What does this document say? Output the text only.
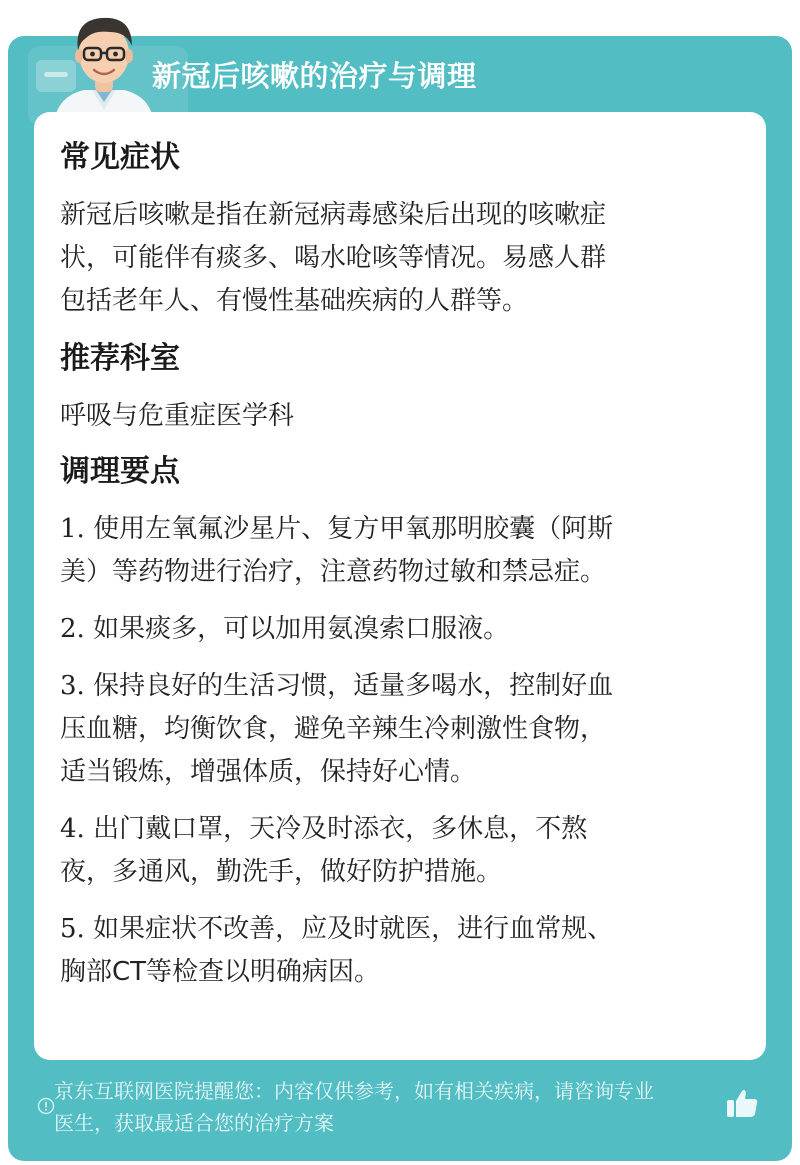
新冠后咳嗽的治疗与调理
常见症状

新冠后咳嗽是指在新冠病毒感染后出现的咳嗽症

状，可能伴有痰多、喝水呛咳等情况。易感人群

包括老年人、有慢性基础疾病的人群等。

推荐科室

呼吸与危重症医学科

调理要点

1. 使用左氧氟沙星片、复方甲氧那明胶囊（阿斯

美）等药物进行治疗，注意药物过敏和禁忌症。

2. 如果痰多，可以加用氨溴索口服液。

3. 保持良好的生活习惯，适量多喝水，控制好血

压血糖，均衡饮食，避免辛辣生冷刺激性食物，

适当锻炼，增强体质，保持好心情。

4. 出门戴口罩，天冷及时添衣，多休息，不熬

夜，多通风，勤洗手，做好防护措施。

5. 如果症状不改善，应及时就医，进行血常规、

胸部CT等检查以明确病因。

京东互联网医院提醒您：内容仅供参考，如有相关疾病，请咨询专业
医生，获取最适合您的治疗方案
